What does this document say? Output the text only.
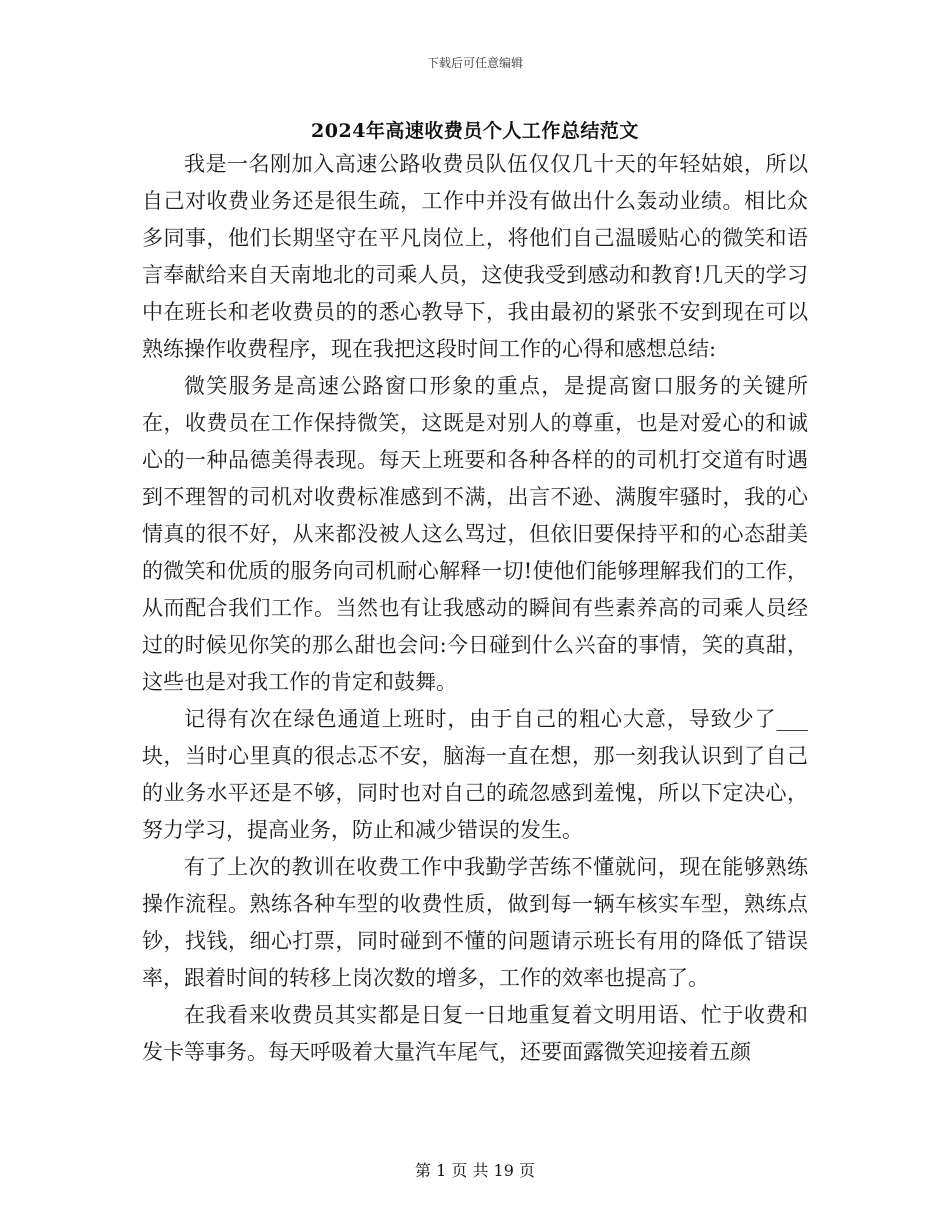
下载后可任意编辑
2024年高速收费员个人工作总结范文

我是一名刚加入高速公路收费员队伍仅仅几十天的年轻姑娘，所以自己对收费业务还是很生疏，工作中并没有做出什么轰动业绩。相比众多同事，他们长期坚守在平凡岗位上，将他们自己温暖贴心的微笑和语言奉献给来自天南地北的司乘人员，这使我受到感动和教育!几天的学习中在班长和老收费员的的悉心教导下，我由最初的紧张不安到现在可以熟练操作收费程序，现在我把这段时间工作的心得和感想总结:

微笑服务是高速公路窗口形象的重点，是提高窗口服务的关键所在，收费员在工作保持微笑，这既是对别人的尊重，也是对爱心的和诚心的一种品德美得表现。每天上班要和各种各样的的司机打交道有时遇到不理智的司机对收费标准感到不满，出言不逊、满腹牢骚时，我的心情真的很不好，从来都没被人这么骂过，但依旧要保持平和的心态甜美的微笑和优质的服务向司机耐心解释一切!使他们能够理解我们的工作，从而配合我们工作。当然也有让我感动的瞬间有些素养高的司乘人员经过的时候见你笑的那么甜也会问:今日碰到什么兴奋的事情，笑的真甜，这些也是对我工作的肯定和鼓舞。

记得有次在绿色通道上班时，由于自己的粗心大意，导致少了___块，当时心里真的很忐忑不安，脑海一直在想，那一刻我认识到了自己的业务水平还是不够，同时也对自己的疏忽感到羞愧，所以下定决心，努力学习，提高业务，防止和减少错误的发生。

有了上次的教训在收费工作中我勤学苦练不懂就问，现在能够熟练操作流程。熟练各种车型的收费性质，做到每一辆车核实车型，熟练点钞，找钱，细心打票，同时碰到不懂的问题请示班长有用的降低了错误率，跟着时间的转移上岗次数的增多，工作的效率也提高了。

在我看来收费员其实都是日复一日地重复着文明用语、忙于收费和发卡等事务。每天呼吸着大量汽车尾气，还要面露微笑迎接着五颜

第 1 页 共 19 页
